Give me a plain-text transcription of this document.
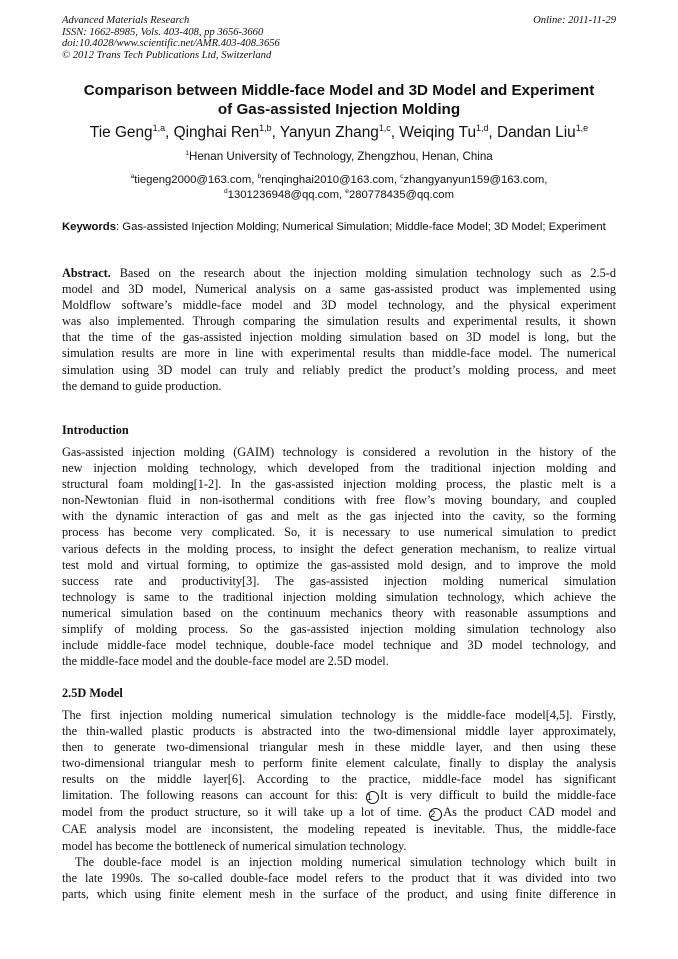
Advanced Materials Research
ISSN: 1662-8985, Vols. 403-408, pp 3656-3660
doi:10.4028/www.scientific.net/AMR.403-408.3656
© 2012 Trans Tech Publications Ltd, Switzerland
Online: 2011-11-29
Comparison between Middle-face Model and 3D Model and Experiment
of Gas-assisted Injection Molding
Tie Geng$^{1,a}$, Qinghai Ren$^{1,b}$, Yanyun Zhang$^{1,c}$, Weiqing Tu$^{1,d}$, Dandan Liu$^{1,e}$
$^1$Henan University of Technology, Zhengzhou, Henan, China
$^a$tiegeng2000@163.com, $^b$renqinghai2010@163.com, $^c$zhangyanyun159@163.com,
$^d$1301236948@qq.com, $^e$280778435@qq.com
Keywords: Gas-assisted Injection Molding; Numerical Simulation; Middle-face Model; 3D Model; Experiment
Abstract. Based on the research about the injection molding simulation technology such as 2.5-d
model and 3D model, Numerical analysis on a same gas-assisted product was implemented using
Moldflow software’s middle-face model and 3D model technology, and the physical experiment
was also implemented. Through comparing the simulation results and experimental results, it shown
that the time of the gas-assisted injection molding simulation based on 3D model is long, but the
simulation results are more in line with experimental results than middle-face model. The numerical
simulation using 3D model can truly and reliably predict the product’s molding process, and meet
the demand to guide production.
Introduction
Gas-assisted injection molding (GAIM) technology is considered a revolution in the history of the
new injection molding technology, which developed from the traditional injection molding and
structural foam molding[1-2]. In the gas-assisted injection molding process, the plastic melt is a
non-Newtonian fluid in non-isothermal conditions with free flow’s moving boundary, and coupled
with the dynamic interaction of gas and melt as the gas injected into the cavity, so the forming
process has become very complicated. So, it is necessary to use numerical simulation to predict
various defects in the molding process, to insight the defect generation mechanism, to realize virtual
test mold and virtual forming, to optimize the gas-assisted mold design, and to improve the mold
success rate and productivity[3]. The gas-assisted injection molding numerical simulation
technology is same to the traditional injection molding simulation technology, which achieve the
numerical simulation based on the continuum mechanics theory with reasonable assumptions and
simplify of molding process. So the gas-assisted injection molding simulation technology also
include middle-face model technique, double-face model technique and 3D model technology, and
the middle-face model and the double-face model are 2.5D model.
2.5D Model
The first injection molding numerical simulation technology is the middle-face model[4,5]. Firstly,
the thin-walled plastic products is abstracted into the two-dimensional middle layer approximately,
then to generate two-dimensional triangular mesh in these middle layer, and then using these
two-dimensional triangular mesh to perform finite element calculate, finally to display the analysis
results on the middle layer[6]. According to the practice, middle-face model has significant
limitation. The following reasons can account for this: 1 It is very difficult to build the middle-face
model from the product structure, so it will take up a lot of time. 2 As the product CAD model and
CAE analysis model are inconsistent, the modeling repeated is inevitable. Thus, the middle-face
model has become the bottleneck of numerical simulation technology.
The double-face model is an injection molding numerical simulation technology which built in
the late 1990s. The so-called double-face model refers to the product that it was divided into two
parts, which using finite element mesh in the surface of the product, and using finite difference in
